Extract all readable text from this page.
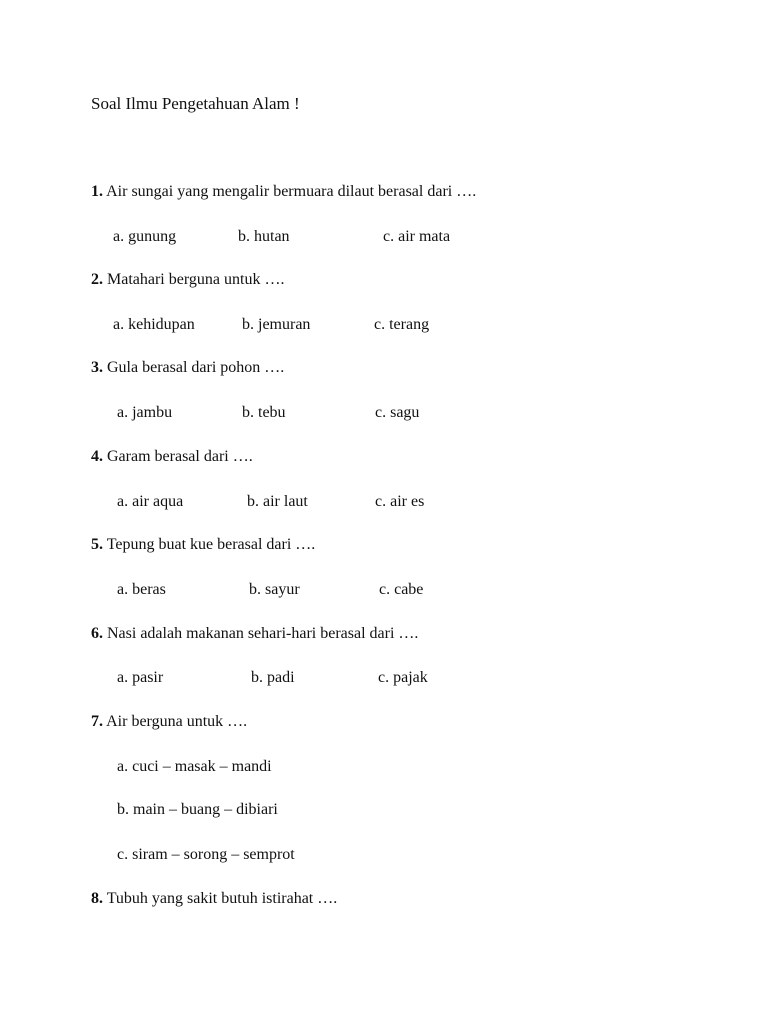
Soal Ilmu Pengetahuan Alam !
1. Air sungai yang mengalir bermuara dilaut berasal dari ….
a. gunung	b. hutan	c. air mata
2. Matahari berguna untuk ….
a. kehidupan	b. jemuran	c. terang
3. Gula berasal dari pohon ….
a. jambu	b. tebu	c. sagu
4. Garam berasal dari ….
a. air aqua	b. air laut	c. air es
5. Tepung buat kue berasal dari ….
a. beras	b. sayur	c. cabe
6. Nasi adalah makanan sehari-hari berasal dari ….
a. pasir	b. padi	c. pajak
7. Air berguna untuk ….
a. cuci – masak – mandi
b. main – buang – dibiari
c. siram – sorong – semprot
8. Tubuh yang sakit butuh istirahat ….
